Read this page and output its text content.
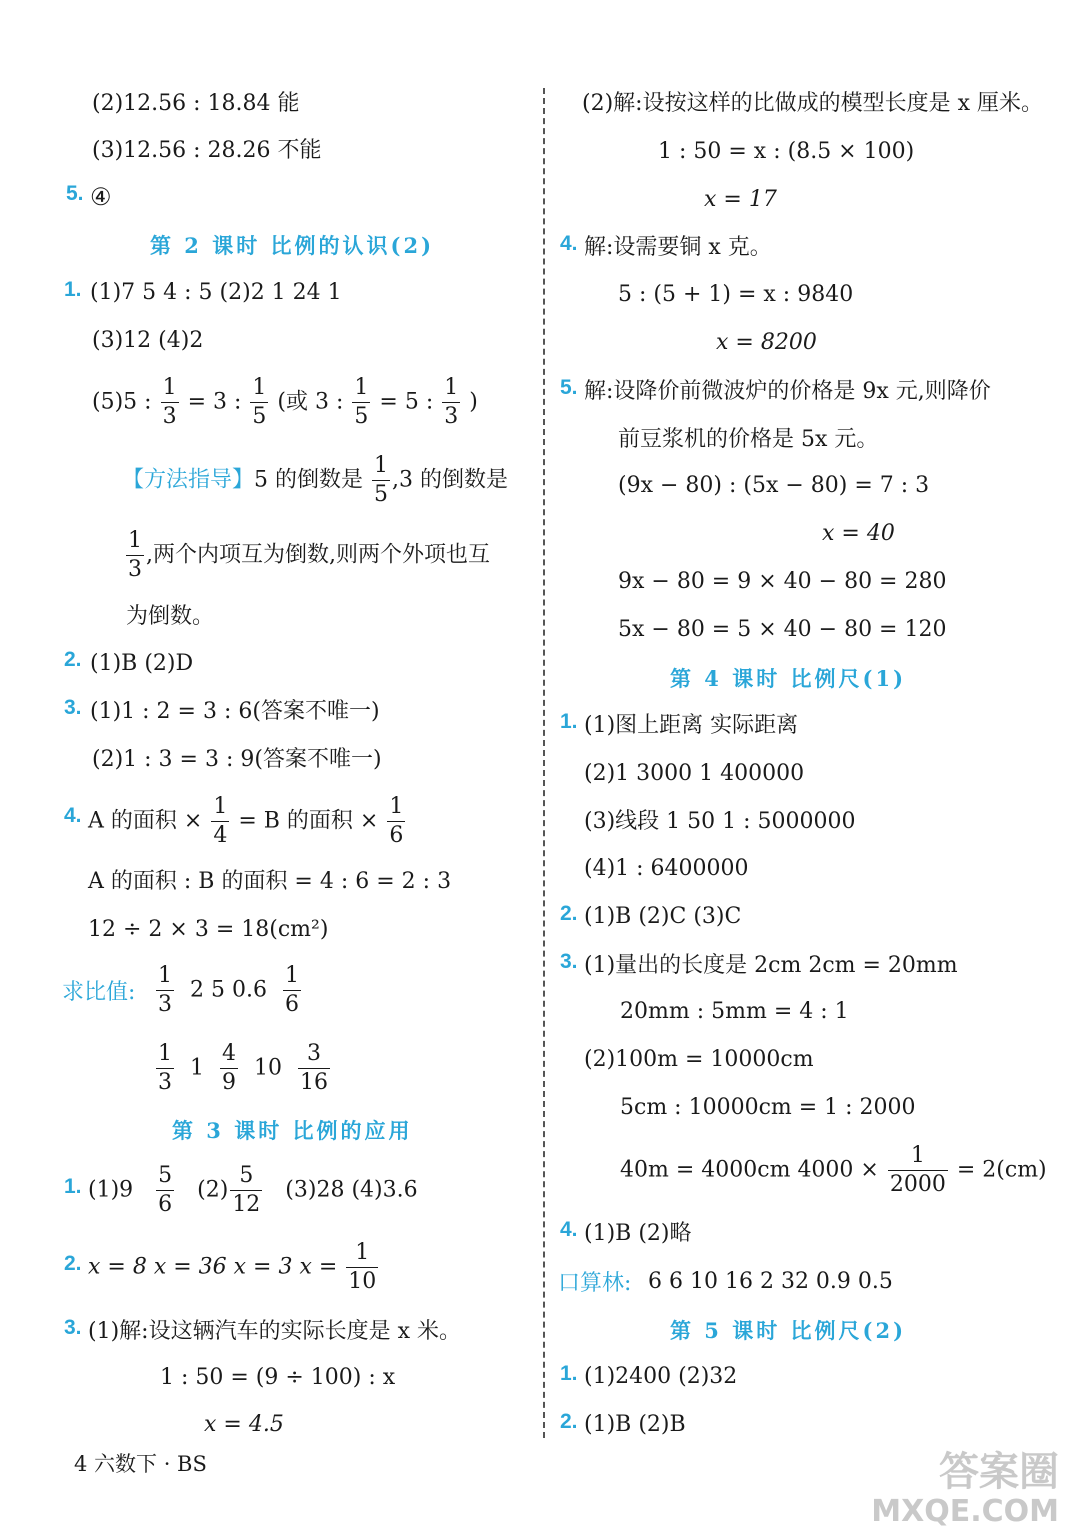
(2)12.56 : 18.84 能
(3)12.56 : 28.26 不能
5. ④
第 2 课时 比例的认识(2)
1. (1)7 5 4 : 5 (2)2 1 24 1
(3)12 (4)2
(5)5 : $\frac{1}{3} = 3$ : $\frac{1}{5}$ (或 3 : $\frac{1}{5} = 5$ : $\frac{1}{3}$ )
【方法指导】5 的倒数是 $\frac{1}{5} ,3$ 的倒数是
$\frac{1}{3}$ ,两个内项互为倒数,则两个外项也互
为倒数。
2. (1)B (2)D
3. (1)1 : 2 = 3 : 6(答案不唯一)
(2)1 : 3 = 3 : 9(答案不唯一)
4. A 的面积 × $\frac{1}{4} = B$ 的面积 × $\frac{1}{6}$
A 的面积 : B 的面积 = 4 : 6 = 2 : 3
12 ÷ 2 × 3 = 18(cm²)
求比值: $\frac{1}{3} 2$ 5 $0.6 \frac{1}{6}$
$\frac{1}{3} 1 \frac{4}{9} 10 \frac{3}{16}$
第 3 课时 比例的应用
1. $(1)9 \frac{5}{6} (2) \frac{5}{12} (3)28$ (4)3.6
2. x = 8 x = 36 x = 3 $x = \frac{1}{10}$
3. (1)解:设这辆汽车的实际长度是 x 米。
1 : 50 = (9 ÷ 100) : x
x = 4.5
4 六数下 · BS
(2)解:设按这样的比做成的模型长度是 x 厘米。
1 : 50 = x : (8.5 × 100)
x = 17
4. 解:设需要铜 x 克。
5 : (5 + 1) = x : 9840
x = 8200
5. 解:设降价前微波炉的价格是 9x 元,则降价
前豆浆机的价格是 5x 元。
(9x − 80) : (5x − 80) = 7 : 3
x = 40
9x − 80 = 9 × 40 − 80 = 280
5x − 80 = 5 × 40 − 80 = 120
第 4 课时 比例尺(1)
1. (1)图上距离 实际距离
(2)1 3000 1 400000
(3)线段 1 50 1 : 5000000
(4)1 : 6400000
2. (1)B (2)C (3)C
3. (1)量出的长度是 2cm 2cm = 20mm
20mm : 5mm = 4 : 1
(2)100m = 10000cm
5cm : 10000cm = 1 : 2000
40m = 4000cm $4000 \times \frac{1}{2000} = 2(cm)$
4. (1)B (2)略
口算林: 6 6 10 16 2 32 0.9 0.5
第 5 课时 比例尺(2)
1. (1)2400 (2)32
2. (1)B (2)B
答案圈
MXQE.COM
